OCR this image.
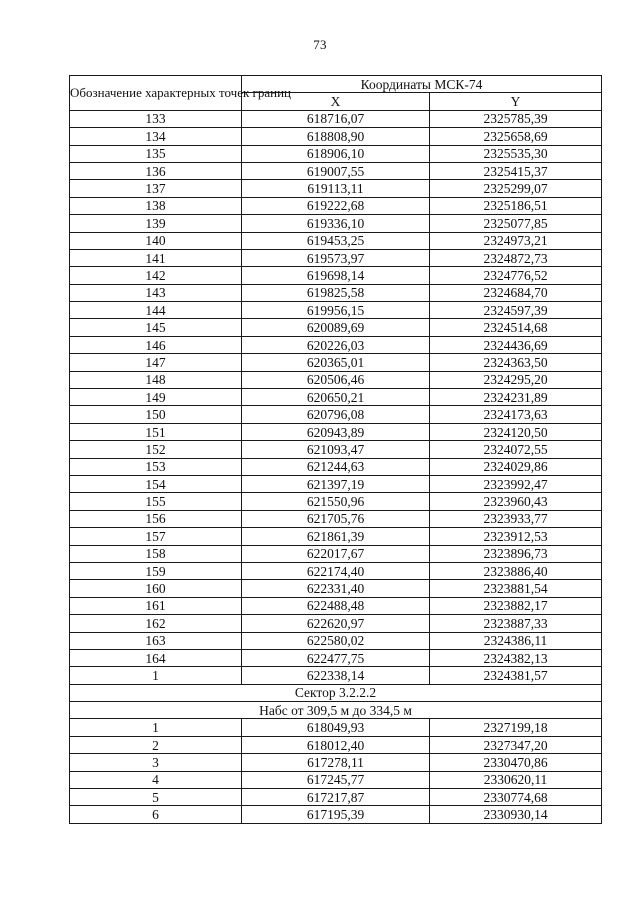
73
Обозначение характерных точек границ	Координаты МСК-74	
	X	Y
133	618716,07	2325785,39
134	618808,90	2325658,69
135	618906,10	2325535,30
136	619007,55	2325415,37
137	619113,11	2325299,07
138	619222,68	2325186,51
139	619336,10	2325077,85
140	619453,25	2324973,21
141	619573,97	2324872,73
142	619698,14	2324776,52
143	619825,58	2324684,70
144	619956,15	2324597,39
145	620089,69	2324514,68
146	620226,03	2324436,69
147	620365,01	2324363,50
148	620506,46	2324295,20
149	620650,21	2324231,89
150	620796,08	2324173,63
151	620943,89	2324120,50
152	621093,47	2324072,55
153	621244,63	2324029,86
154	621397,19	2323992,47
155	621550,96	2323960,43
156	621705,76	2323933,77
157	621861,39	2323912,53
158	622017,67	2323896,73
159	622174,40	2323886,40
160	622331,40	2323881,54
161	622488,48	2323882,17
162	622620,97	2323887,33
163	622580,02	2324386,11
164	622477,75	2324382,13
1	622338,14	2324381,57
Сектор 3.2.2.2		
Набс от 309,5 м до 334,5 м		
1	618049,93	2327199,18
2	618012,40	2327347,20
3	617278,11	2330470,86
4	617245,77	2330620,11
5	617217,87	2330774,68
6	617195,39	2330930,14
